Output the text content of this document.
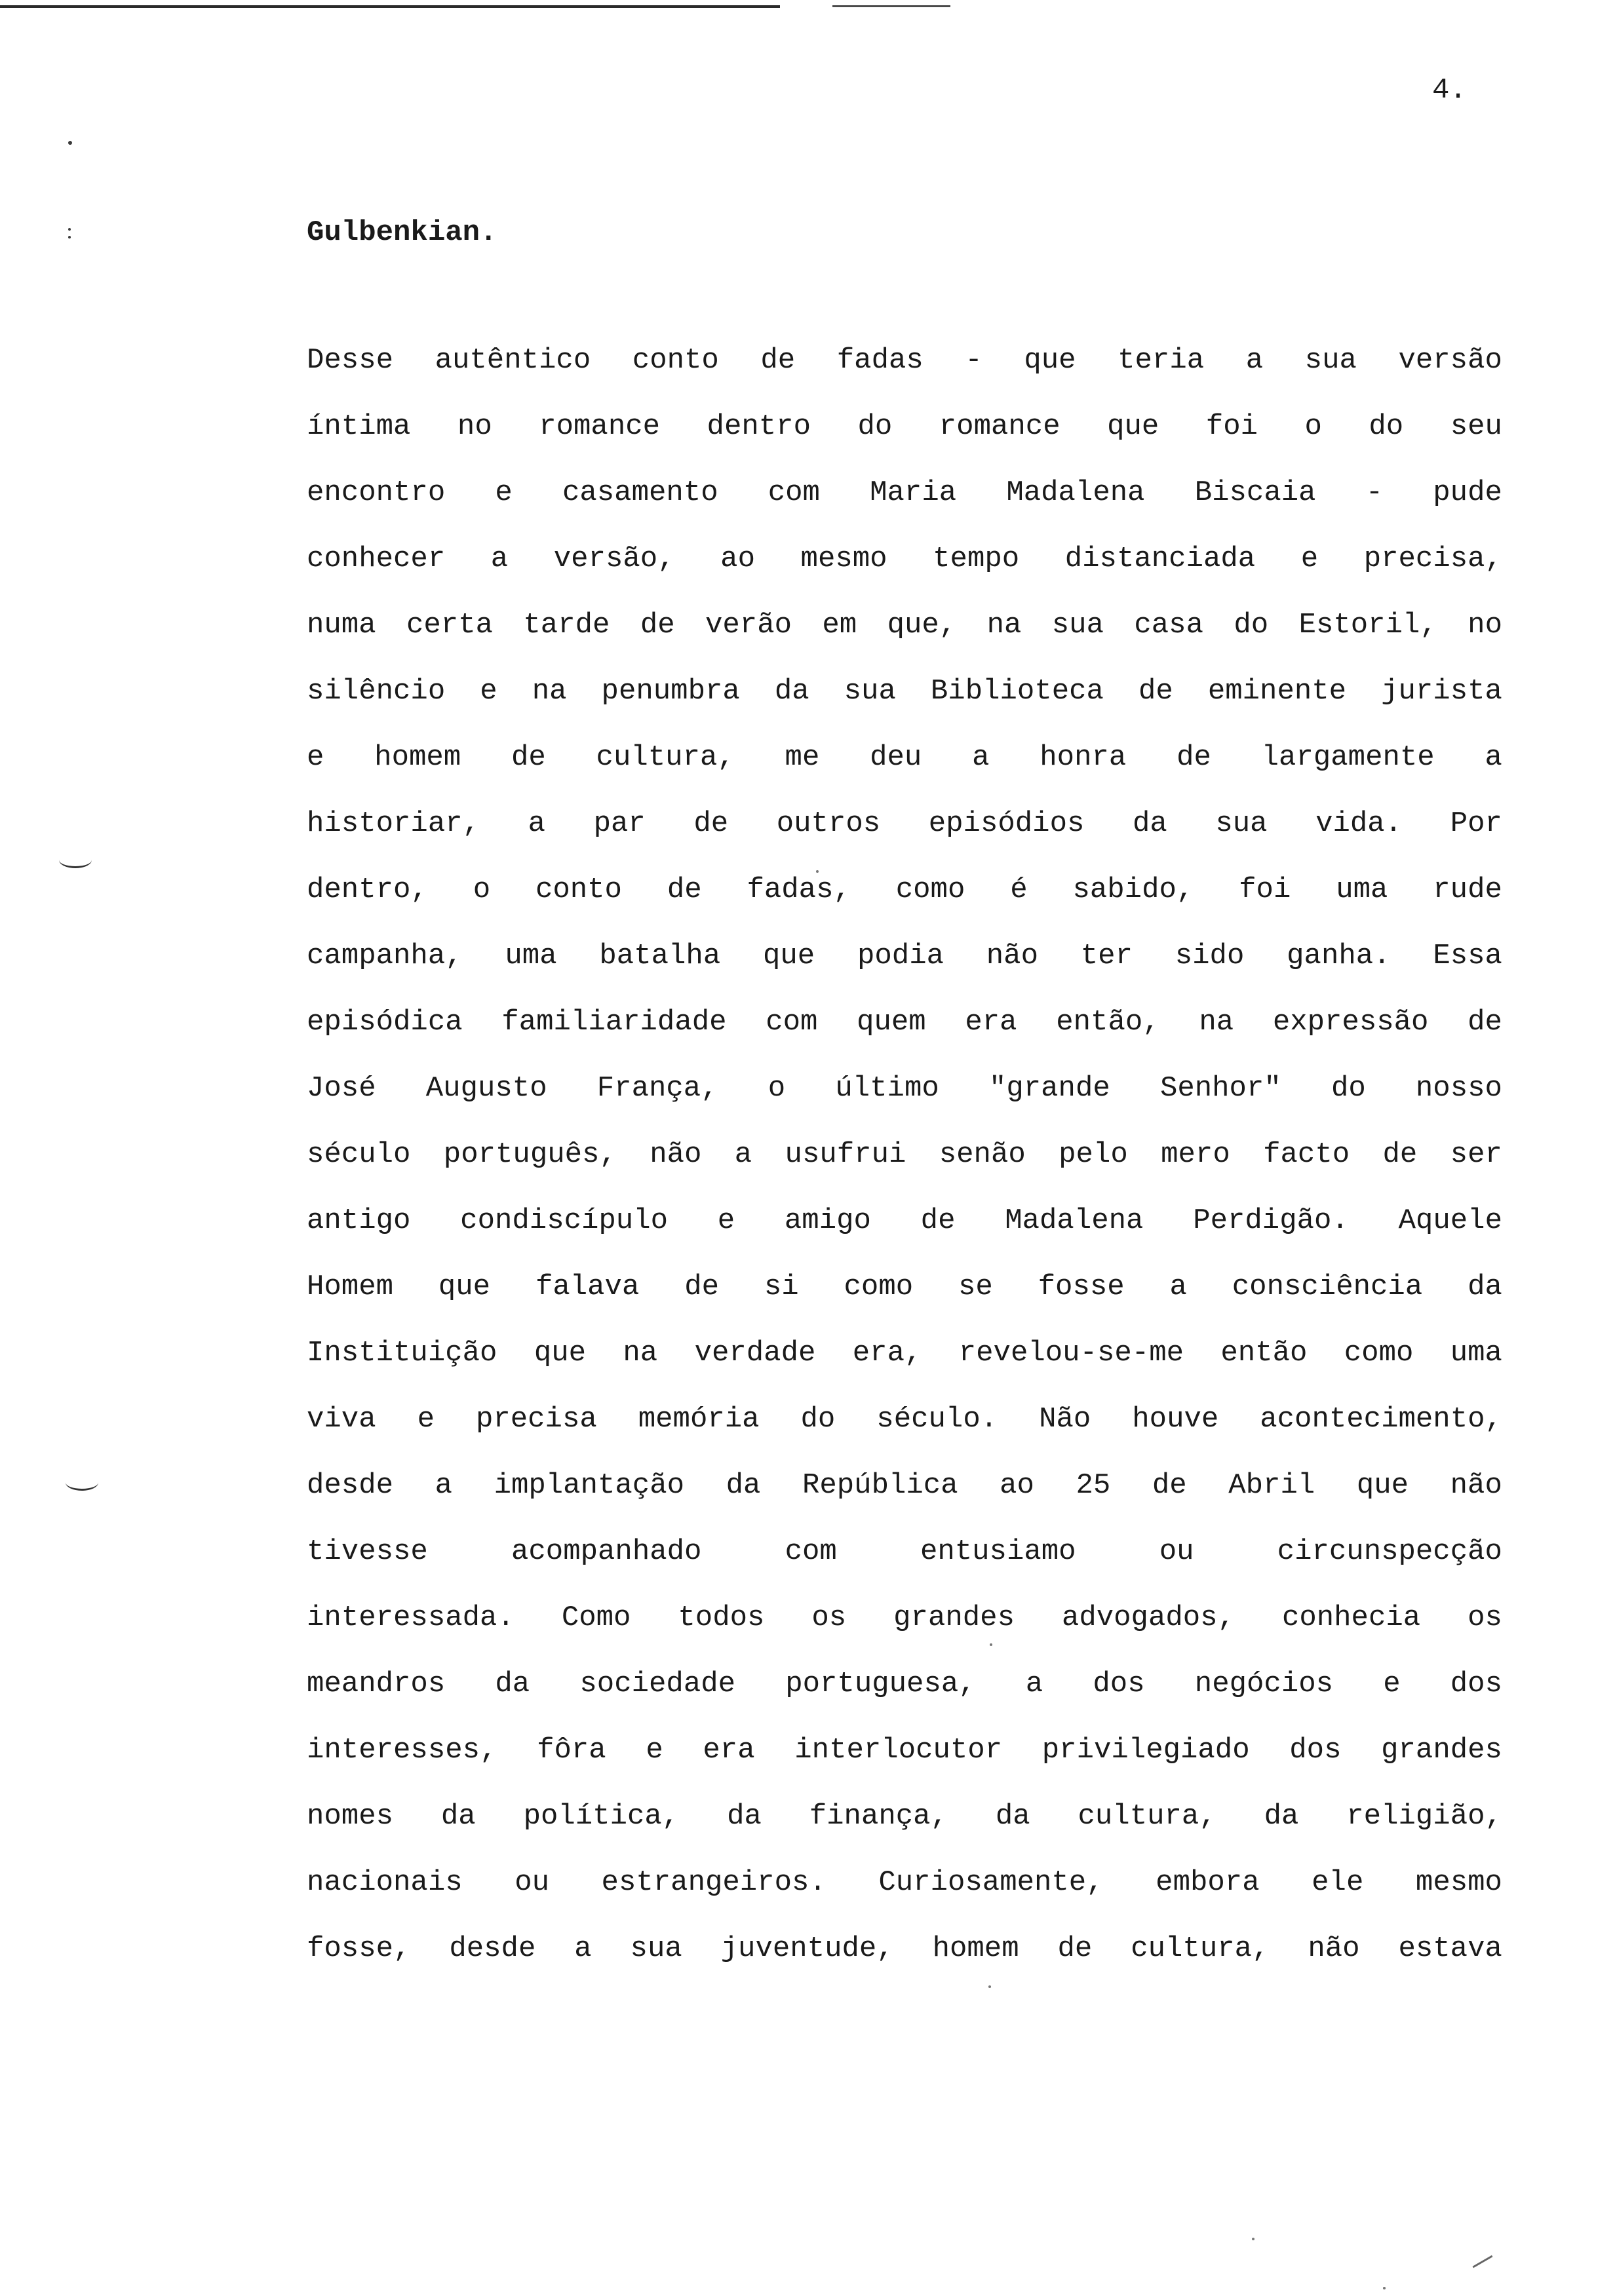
4.
Gulbenkian.
Desse autêntico conto de fadas - que teria a sua versão
íntima no romance dentro do romance que foi o do seu
encontro e casamento com Maria Madalena Biscaia - pude
conhecer a versão, ao mesmo tempo distanciada e precisa,
numa certa tarde de verão em que, na sua casa do Estoril, no
silêncio e na penumbra da sua Biblioteca de eminente jurista
e homem de cultura, me deu a honra de largamente a
historiar, a par de outros episódios da sua vida. Por
dentro, o conto de fadas, como é sabido, foi uma rude
campanha, uma batalha que podia não ter sido ganha. Essa
episódica familiaridade com quem era então, na expressão de
José Augusto França, o último "grande Senhor" do nosso
século português, não a usufrui senão pelo mero facto de ser
antigo condiscípulo e amigo de Madalena Perdigão. Aquele
Homem que falava de si como se fosse a consciência da
Instituição que na verdade era, revelou-se-me então como uma
viva e precisa memória do século. Não houve acontecimento,
desde a implantação da República ao 25 de Abril que não
tivesse	acompanhado	com	entusiamo	ou	circunspecção
interessada. Como todos os grandes advogados, conhecia os
meandros da sociedade portuguesa, a dos negócios e dos
interesses, fôra e era interlocutor privilegiado dos grandes
nomes da política, da finança, da cultura, da religião,
nacionais ou estrangeiros. Curiosamente, embora ele mesmo
fosse, desde a sua juventude, homem de cultura, não estava
